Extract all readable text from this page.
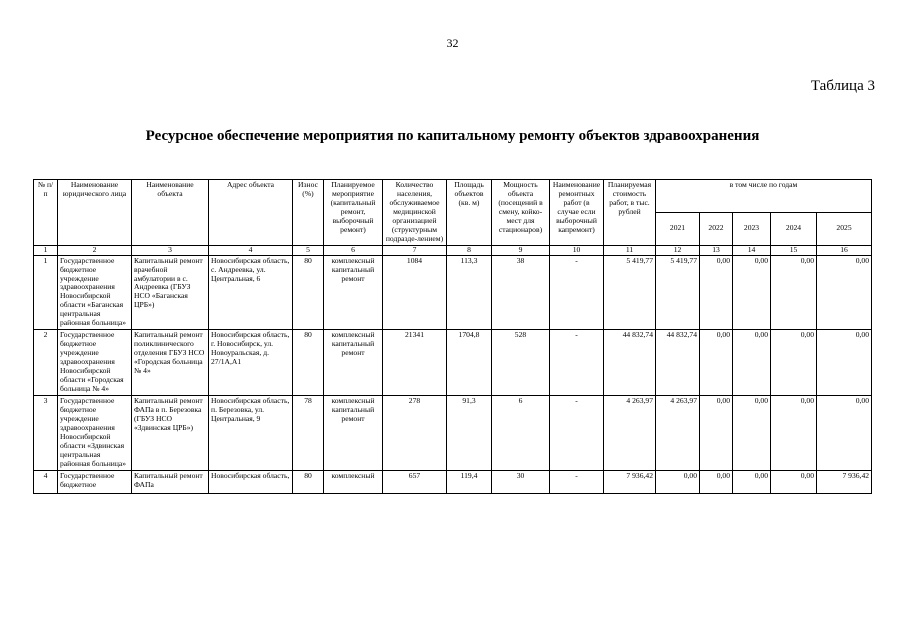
32
Таблица 3
Ресурсное обеспечение мероприятия по капитальному ремонту объектов здравоохранения
№ п/п	Наименование юридического лица	Наименование объекта	Адрес объекта	Износ (%)	Планируемое мероприятие (капитальный ремонт, выборочный ремонт)	Количество населения, обслуживаемое медицинской организацией (структурным подразде-лением)	Площадь объектов (кв. м)	Мощность объекта (посещений в смену, койко-мест для стационаров)	Наименование ремонтных работ (в случае если выборочный капремонт)	Планируемая стоимость работ, в тыс. рублей	в том числе по годам				
											2021	2022	2023	2024	2025
1	2	3	4	5	6	7	8	9	10	11	12	13	14	15	16
1	Государственное бюджетное учреждение здравоохранения Новосибирской области «Баганская центральная районная больница»	Капитальный ремонт врачебной амбулатории в с. Андреевка (ГБУЗ НСО «Баганская ЦРБ»)	Новосибирская область, с. Андреевка, ул. Центральная, 6	80	комплексный капитальный ремонт	1084	113,3	38	-	5 419,77	5 419,77	0,00	0,00	0,00	0,00
2	Государственное бюджетное учреждение здравоохранения Новосибирской области «Городская больница № 4»	Капитальный ремонт поликлинического отделения ГБУЗ НСО «Городская больница № 4»	Новосибирская область, г. Новосибирск, ул. Новоуральская, д. 27/1А,А1	80	комплексный капитальный ремонт	21341	1704,8	528	-	44 832,74	44 832,74	0,00	0,00	0,00	0,00
3	Государственное бюджетное учреждение здравоохранения Новосибирской области «Здвинская центральная районная больница»	Капитальный ремонт ФАПа в п. Березовка (ГБУЗ НСО «Здвинская ЦРБ»)	Новосибирская область, п. Березовка, ул. Центральная, 9	78	комплексный капитальный ремонт	278	91,3	6	-	4 263,97	4 263,97	0,00	0,00	0,00	0,00
4	Государственное бюджетное	Капитальный ремонт ФАПа	Новосибирская область,	80	комплексный	657	119,4	30	-	7 936,42	0,00	0,00	0,00	0,00	7 936,42
